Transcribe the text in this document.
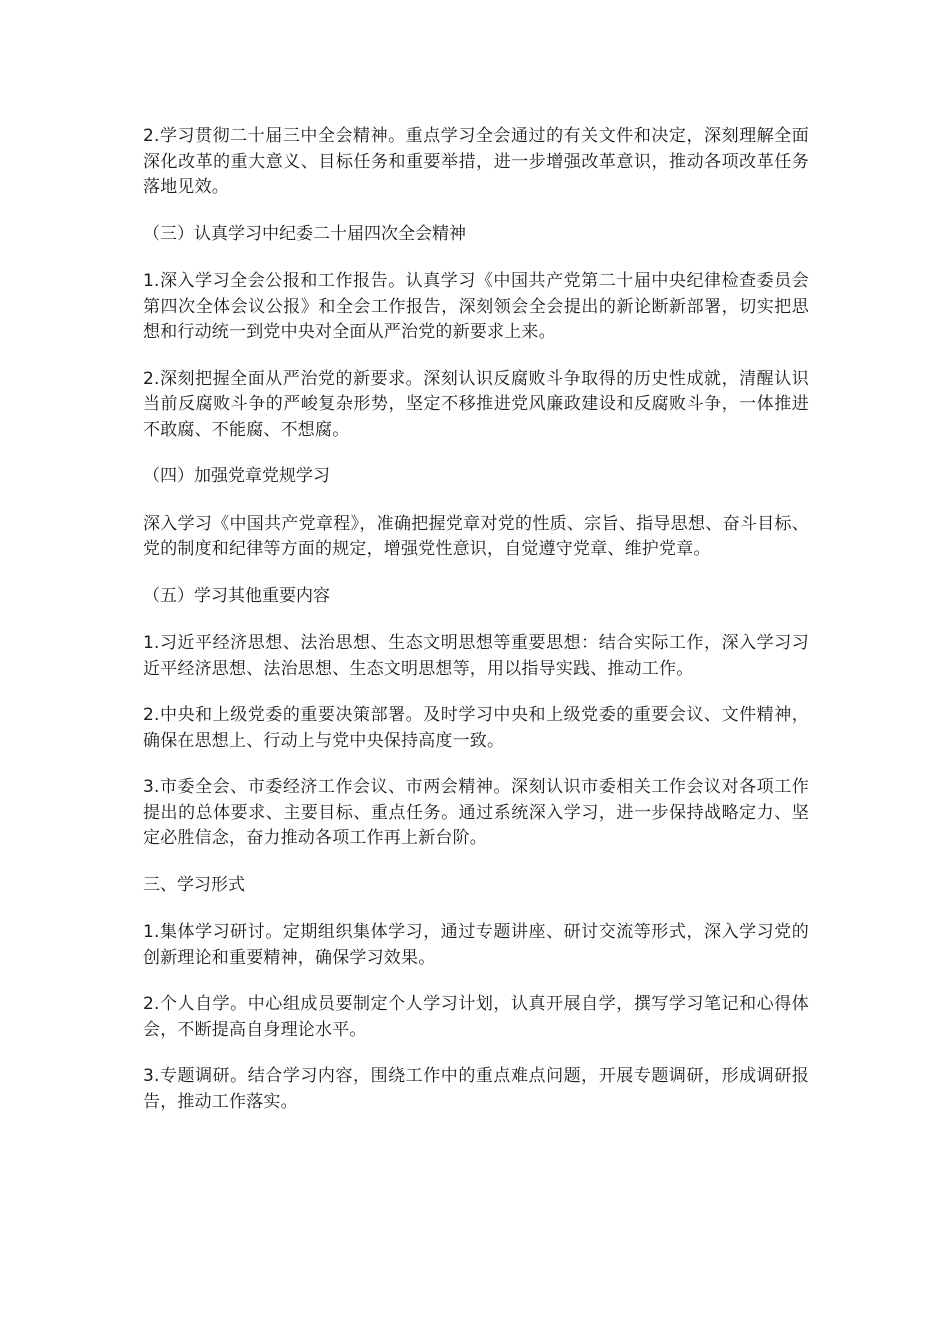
2.学习贯彻二十届三中全会精神。重点学习全会通过的有关文件和决定，深刻理解全面深化改革的重大意义、目标任务和重要举措，进一步增强改革意识，推动各项改革任务落地见效。

（三）认真学习中纪委二十届四次全会精神

1.深入学习全会公报和工作报告。认真学习《中国共产党第二十届中央纪律检查委员会第四次全体会议公报》和全会工作报告，深刻领会全会提出的新论断新部署，切实把思想和行动统一到党中央对全面从严治党的新要求上来。

2.深刻把握全面从严治党的新要求。深刻认识反腐败斗争取得的历史性成就，清醒认识当前反腐败斗争的严峻复杂形势，坚定不移推进党风廉政建设和反腐败斗争，一体推进不敢腐、不能腐、不想腐。

（四）加强党章党规学习

深入学习《中国共产党章程》，准确把握党章对党的性质、宗旨、指导思想、奋斗目标、党的制度和纪律等方面的规定，增强党性意识，自觉遵守党章、维护党章。

（五）学习其他重要内容

1.习近平经济思想、法治思想、生态文明思想等重要思想：结合实际工作，深入学习习近平经济思想、法治思想、生态文明思想等，用以指导实践、推动工作。

2.中央和上级党委的重要决策部署。及时学习中央和上级党委的重要会议、文件精神，确保在思想上、行动上与党中央保持高度一致。

3.市委全会、市委经济工作会议、市两会精神。深刻认识市委相关工作会议对各项工作提出的总体要求、主要目标、重点任务。通过系统深入学习，进一步保持战略定力、坚定必胜信念，奋力推动各项工作再上新台阶。

三、学习形式

1.集体学习研讨。定期组织集体学习，通过专题讲座、研讨交流等形式，深入学习党的创新理论和重要精神，确保学习效果。

2.个人自学。中心组成员要制定个人学习计划，认真开展自学，撰写学习笔记和心得体会，不断提高自身理论水平。

3.专题调研。结合学习内容，围绕工作中的重点难点问题，开展专题调研，形成调研报告，推动工作落实。
